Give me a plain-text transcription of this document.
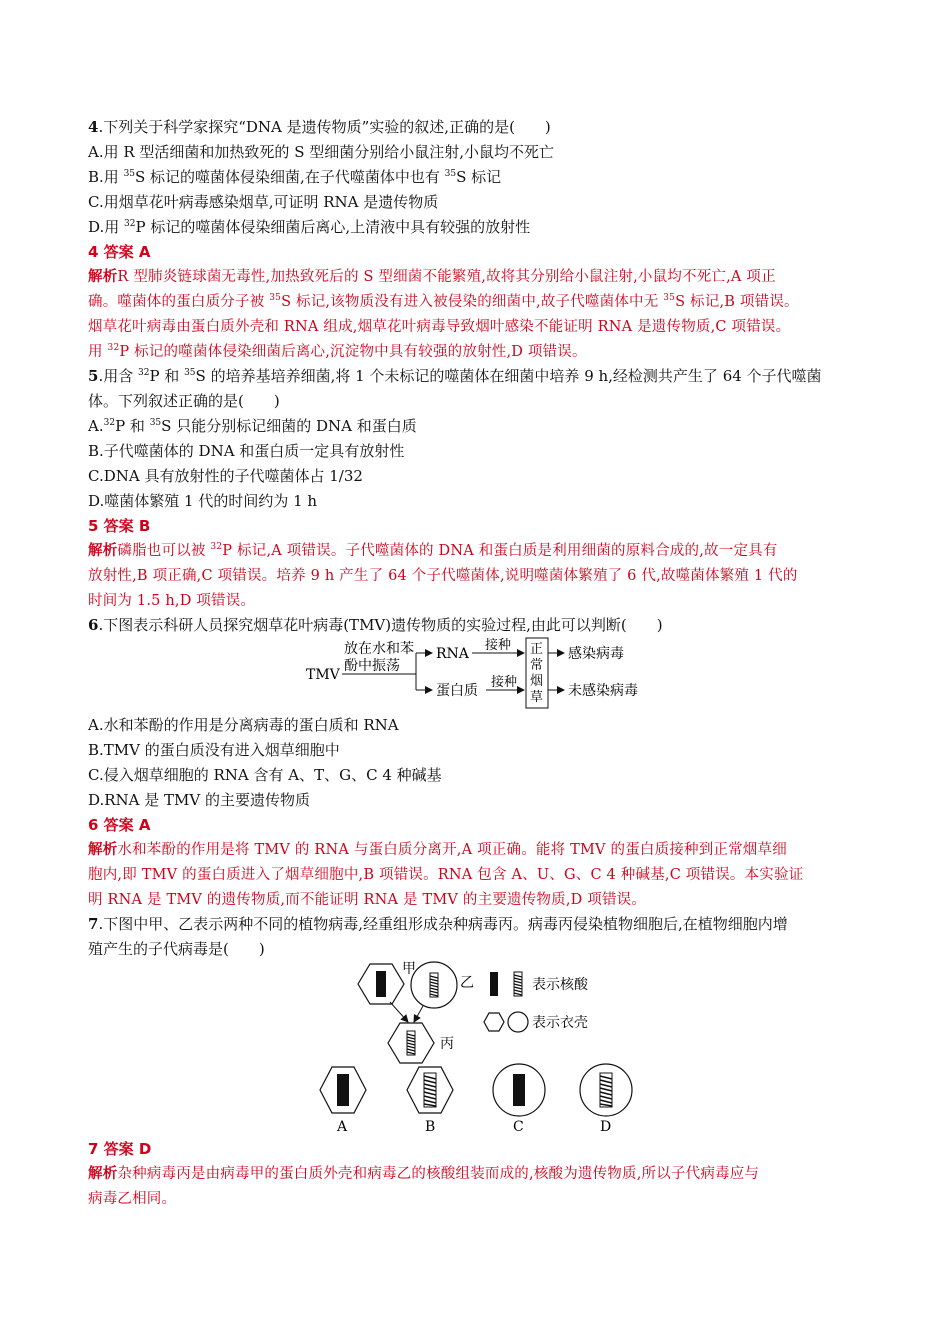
4.下列关于科学家探究“DNA 是遗传物质”实验的叙述,正确的是(　　)
A.用 R 型活细菌和加热致死的 S 型细菌分别给小鼠注射,小鼠均不死亡
B.用 $^{35}$S 标记的噬菌体侵染细菌,在子代噬菌体中也有 $^{35}$S 标记
C.用烟草花叶病毒感染烟草,可证明 RNA 是遗传物质
D.用 $^{32}$P 标记的噬菌体侵染细菌后离心,上清液中具有较强的放射性
4 答案 A
解析R 型肺炎链球菌无毒性,加热致死后的 S 型细菌不能繁殖,故将其分别给小鼠注射,小鼠均不死亡,A 项正
确。噬菌体的蛋白质分子被 $^{35}$S 标记,该物质没有进入被侵染的细菌中,故子代噬菌体中无 $^{35}$S 标记,B 项错误。
烟草花叶病毒由蛋白质外壳和 RNA 组成,烟草花叶病毒导致烟叶感染不能证明 RNA 是遗传物质,C 项错误。
用 $^{32}$P 标记的噬菌体侵染细菌后离心,沉淀物中具有较强的放射性,D 项错误。
5.用含 $^{32}$P 和 $^{35}$S 的培养基培养细菌,将 1 个未标记的噬菌体在细菌中培养 9 h,经检测共产生了 64 个子代噬菌
体。下列叙述正确的是(　　)
A.$^{32}$P 和 $^{35}$S 只能分别标记细菌的 DNA 和蛋白质
B.子代噬菌体的 DNA 和蛋白质一定具有放射性
C.DNA 具有放射性的子代噬菌体占 1/32
D.噬菌体繁殖 1 代的时间约为 1 h
5 答案 B
解析磷脂也可以被 $^{32}$P 标记,A 项错误。子代噬菌体的 DNA 和蛋白质是利用细菌的原料合成的,故一定具有
放射性,B 项正确,C 项错误。培养 9 h 产生了 64 个子代噬菌体,说明噬菌体繁殖了 6 代,故噬菌体繁殖 1 代的
时间为 1.5 h,D 项错误。
6.下图表示科研人员探究烟草花叶病毒(TMV)遗传物质的实验过程,由此可以判断(　　)
TMV
放在水和苯
酚中振荡
RNA
蛋白质
接种
接种
正
常
烟
草
感染病毒
未感染病毒
A.水和苯酚的作用是分离病毒的蛋白质和 RNA
B.TMV 的蛋白质没有进入烟草细胞中
C.侵入烟草细胞的 RNA 含有 A、T、G、C 4 种碱基
D.RNA 是 TMV 的主要遗传物质
6 答案 A
解析水和苯酚的作用是将 TMV 的 RNA 与蛋白质分离开,A 项正确。能将 TMV 的蛋白质接种到正常烟草细
胞内,即 TMV 的蛋白质进入了烟草细胞中,B 项错误。RNA 包含 A、U、G、C 4 种碱基,C 项错误。本实验证
明 RNA 是 TMV 的遗传物质,而不能证明 RNA 是 TMV 的主要遗传物质,D 项错误。
7.下图中甲、乙表示两种不同的植物病毒,经重组形成杂种病毒丙。病毒丙侵染植物细胞后,在植物细胞内增
殖产生的子代病毒是(　　)
甲
乙
丙
表示核酸
表示衣壳
A	B	C	D
7 答案 D
解析杂种病毒丙是由病毒甲的蛋白质外壳和病毒乙的核酸组装而成的,核酸为遗传物质,所以子代病毒应与
病毒乙相同。
